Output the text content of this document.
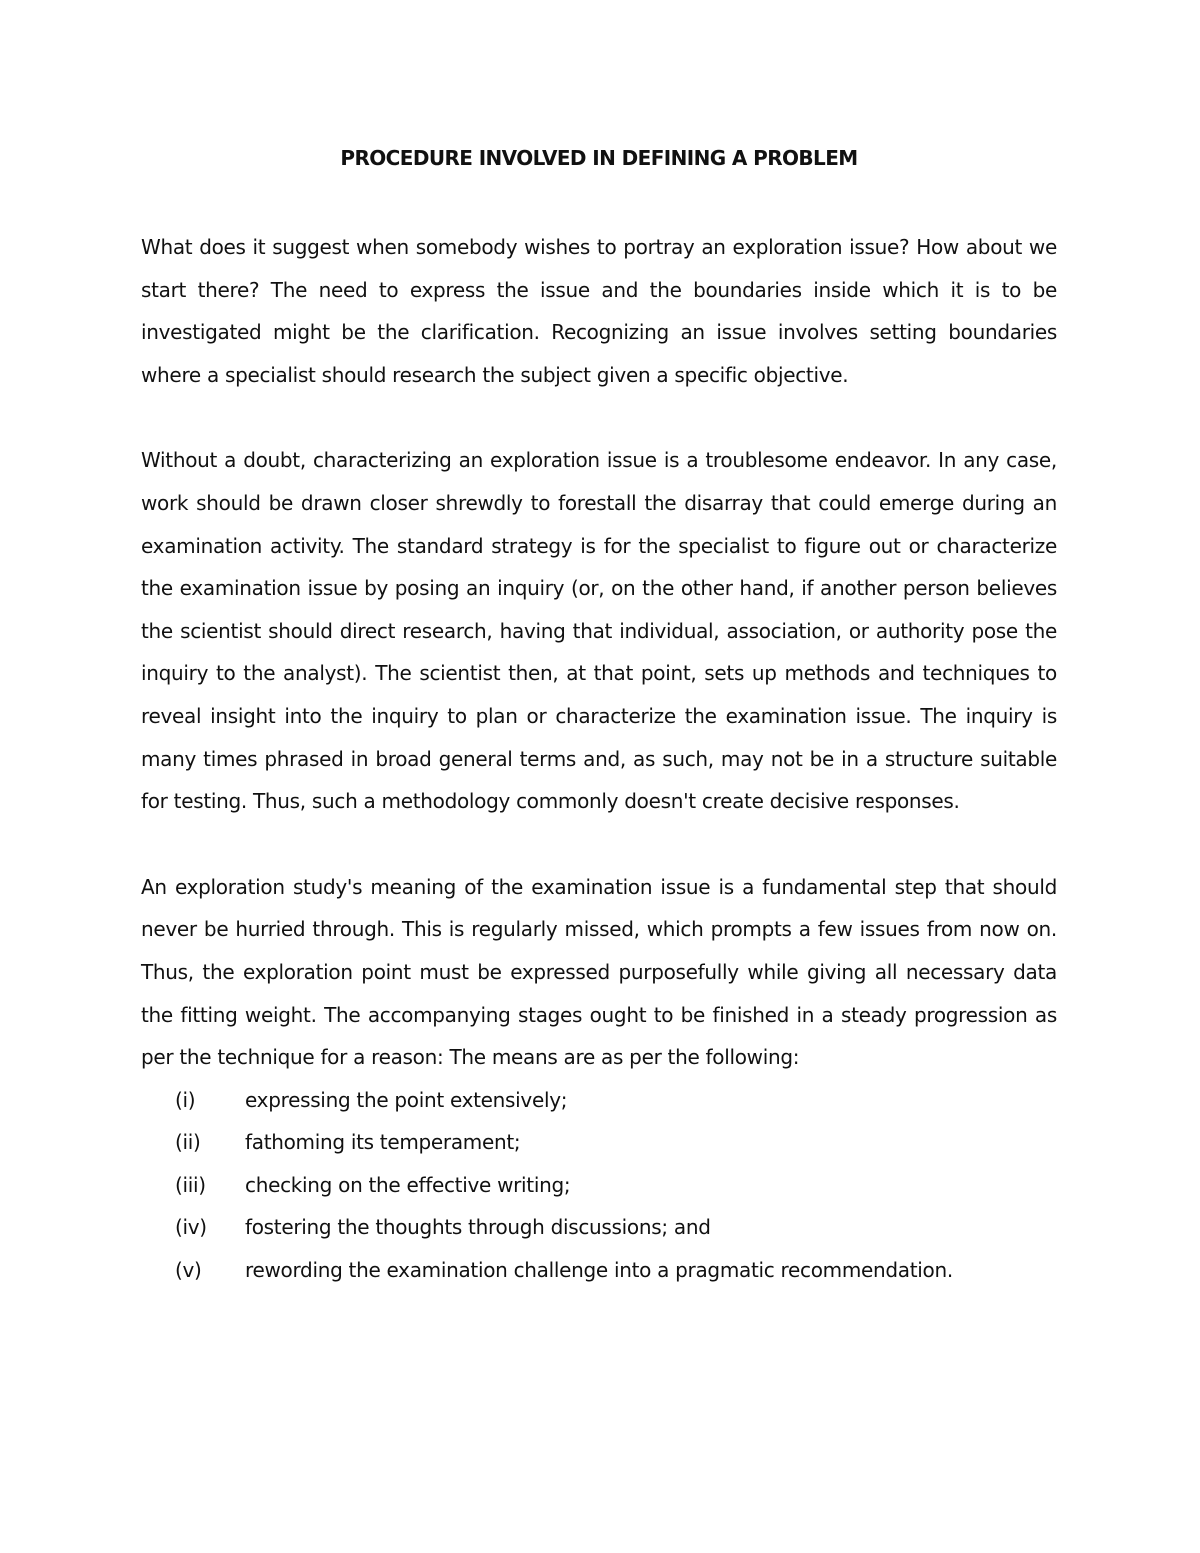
PROCEDURE INVOLVED IN DEFINING A PROBLEM

What does it suggest when somebody wishes to portray an exploration issue? How about we start there? The need to express the issue and the boundaries inside which it is to be investigated might be the clarification. Recognizing an issue involves setting boundaries where a specialist should research the subject given a specific objective.

Without a doubt, characterizing an exploration issue is a troublesome endeavor. In any case, work should be drawn closer shrewdly to forestall the disarray that could emerge during an examination activity. The standard strategy is for the specialist to figure out or characterize the examination issue by posing an inquiry (or, on the other hand, if another person believes the scientist should direct research, having that individual, association, or authority pose the inquiry to the analyst). The scientist then, at that point, sets up methods and techniques to reveal insight into the inquiry to plan or characterize the examination issue. The inquiry is many times phrased in broad general terms and, as such, may not be in a structure suitable for testing. Thus, such a methodology commonly doesn't create decisive responses.

An exploration study's meaning of the examination issue is a fundamental step that should never be hurried through. This is regularly missed, which prompts a few issues from now on. Thus, the exploration point must be expressed purposefully while giving all necessary data the fitting weight. The accompanying stages ought to be finished in a steady progression as per the technique for a reason: The means are as per the following:

(i)	expressing the point extensively;
(ii)	fathoming its temperament;
(iii)	checking on the effective writing;
(iv)	fostering the thoughts through discussions; and
(v)	rewording the examination challenge into a pragmatic recommendation.
